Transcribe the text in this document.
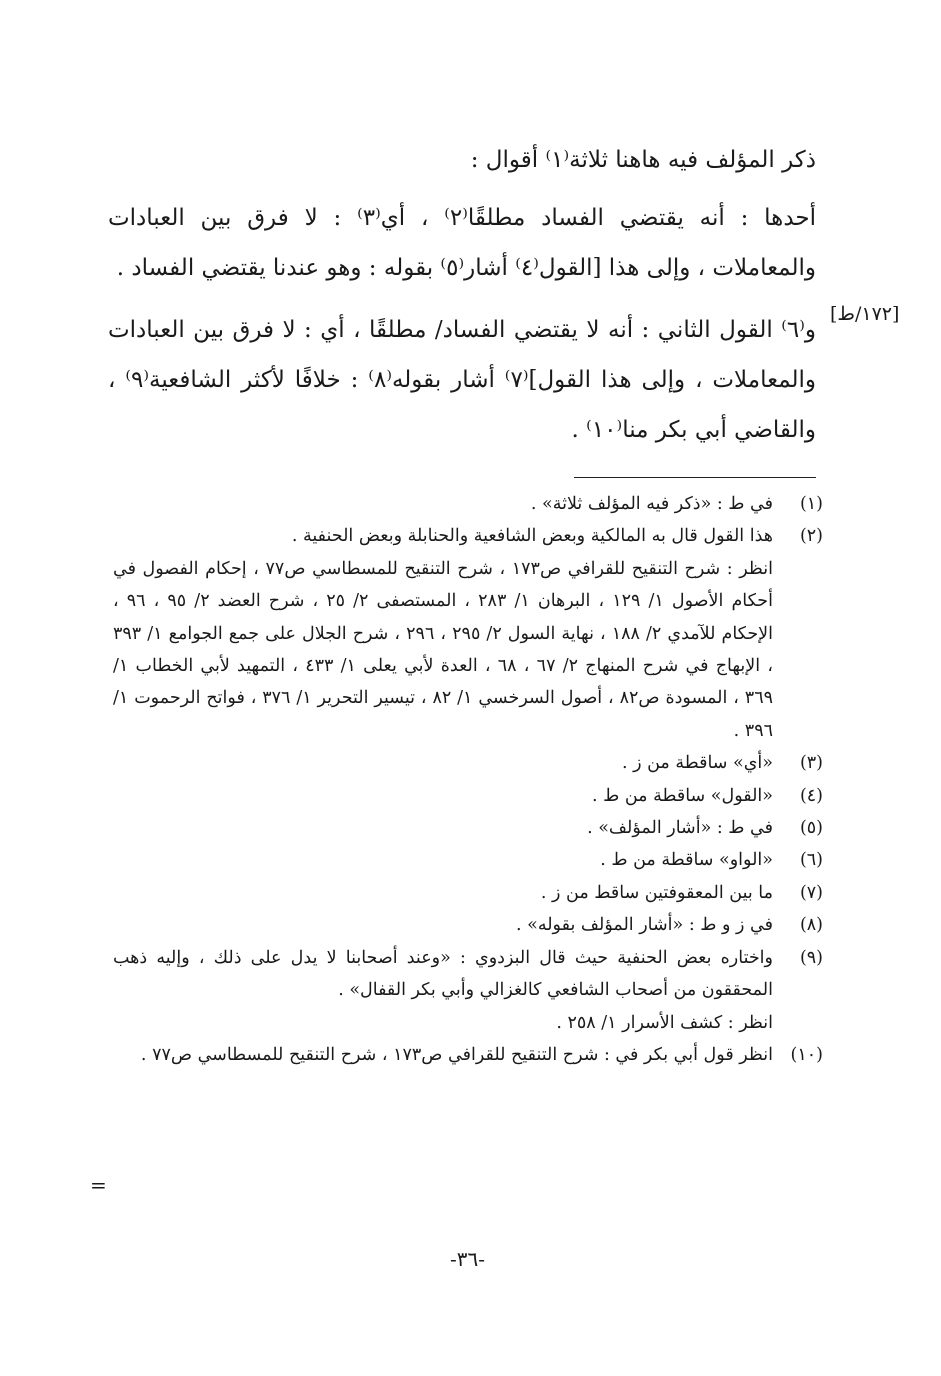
ذكر المؤلف فيه هاهنا ثلاثة⁽١⁾ أقوال :

أحدها : أنه يقتضي الفساد مطلقًا⁽٢⁾ ، أي⁽٣⁾ : لا فرق بين العبادات والمعاملات ، وإلى هذا [القول⁽٤⁾ أشار⁽٥⁾ بقوله : وهو عندنا يقتضي الفساد .

و⁽٦⁾ القول الثاني : أنه لا يقتضي الفساد/ مطلقًا ، أي : لا فرق بين العبادات والمعاملات ، وإلى هذا القول]⁽٧⁾ أشار بقوله⁽٨⁾ : خلافًا لأكثر الشافعية⁽٩⁾ ، والقاضي أبي بكر منا⁽١٠⁾ .

[١٧٢/ط]
(١)
في ط : «ذكر فيه المؤلف ثلاثة» .
(٢)
هذا القول قال به المالكية وبعض الشافعية والحنابلة وبعض الحنفية .
انظر : شرح التنقيح للقرافي ص١٧٣ ، شرح التنقيح للمسطاسي ص٧٧ ، إحكام الفصول في أحكام الأصول ١/ ١٢٩ ، البرهان ١/ ٢٨٣ ، المستصفى ٢/ ٢٥ ، شرح العضد ٢/ ٩٥ ، ٩٦ ، الإحكام للآمدي ٢/ ١٨٨ ، نهاية السول ٢/ ٢٩٥ ، ٢٩٦ ، شرح الجلال على جمع الجوامع ١/ ٣٩٣ ، الإبهاج في شرح المنهاج ٢/ ٦٧ ، ٦٨ ، العدة لأبي يعلى ١/ ٤٣٣ ، التمهيد لأبي الخطاب ١/ ٣٦٩ ، المسودة ص٨٢ ، أصول السرخسي ١/ ٨٢ ، تيسير التحرير ١/ ٣٧٦ ، فواتح الرحموت ١/ ٣٩٦ .
(٣)
«أي» ساقطة من ز .
(٤)
«القول» ساقطة من ط .
(٥)
في ط : «أشار المؤلف» .
(٦)
«الواو» ساقطة من ط .
(٧)
ما بين المعقوفتين ساقط من ز .
(٨)
في ز و ط : «أشار المؤلف بقوله» .
(٩)
واختاره بعض الحنفية حيث قال البزدوي : «وعند أصحابنا لا يدل على ذلك ، وإليه ذهب المحققون من أصحاب الشافعي كالغزالي وأبي بكر القفال» .
انظر : كشف الأسرار ١/ ٢٥٨ .
(١٠)
انظر قول أبي بكر في : شرح التنقيح للقرافي ص١٧٣ ، شرح التنقيح للمسطاسي ص٧٧ .
=
-٣٦-
